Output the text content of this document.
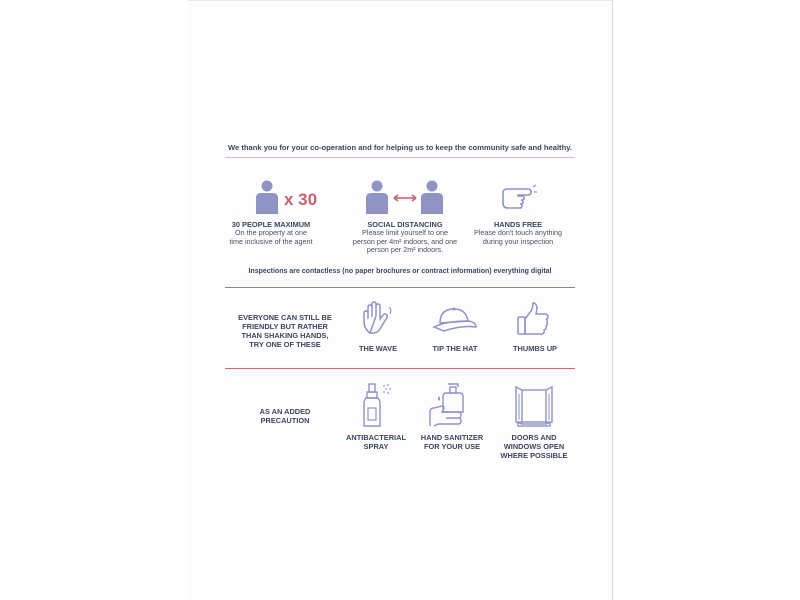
We thank you for your co-operation and for helping us to keep the community safe and healthy.
x 30
30 PEOPLE MAXIMUM
On the property at one
time inclusive of the agent
SOCIAL DISTANCING
Please limit yourself to one
person per 4m² indoors, and one
person per 2m² indoors.
HANDS FREE
Please don't touch anything
during your inspection
Inspections are contactless (no paper brochures or contract information) everything digital
EVERYONE CAN STILL BE
FRIENDLY BUT RATHER
THAN SHAKING HANDS,
TRY ONE OF THESE	THE WAVE	TIP THE HAT	THUMBS UP
AS AN ADDED
PRECAUTION
ANTIBACTERIAL
SPRAY
HAND SANITIZER
FOR YOUR USE
DOORS AND
WINDOWS OPEN
WHERE POSSIBLE
